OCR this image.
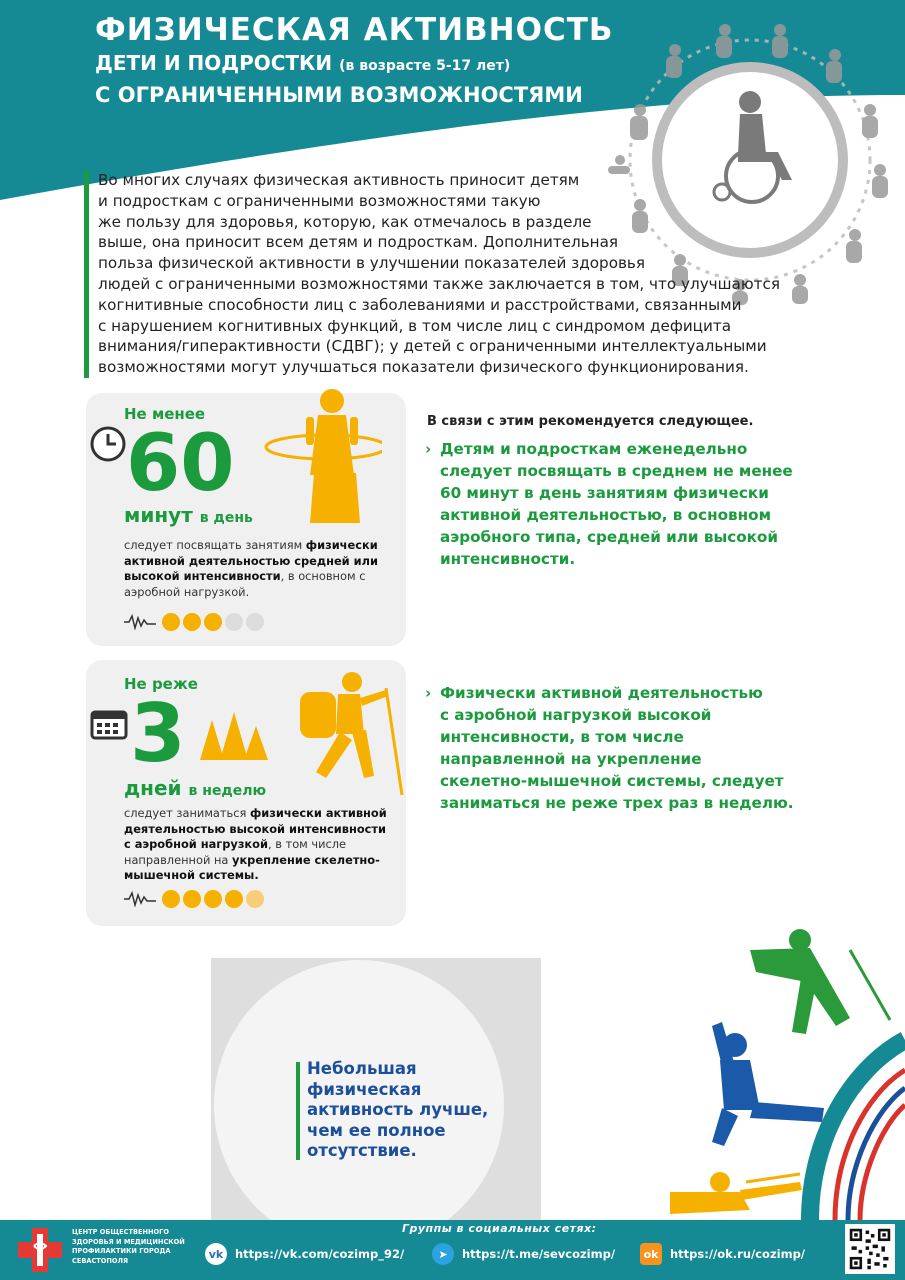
ФИЗИЧЕСКАЯ АКТИВНОСТЬ
ДЕТИ И ПОДРОСТКИ (в возрасте 5-17 лет)
С ОГРАНИЧЕННЫМИ ВОЗМОЖНОСТЯМИ
Во многих случаях физическая активность приносит детям
и подросткам с ограниченными возможностями такую
же пользу для здоровья, которую, как отмечалось в разделе
выше, она приносит всем детям и подросткам. Дополнительная
польза физической активности в улучшении показателей здоровья
людей с ограниченными возможностями также заключается в том, что улучшаются
когнитивные способности лиц с заболеваниями и расстройствами, связанными
с нарушением когнитивных функций, в том числе лиц с синдромом дефицита
внимания/гиперактивности (СДВГ); у детей с ограниченными интеллектуальными
возможностями могут улучшаться показатели физического функционирования.
Не менее
60
минут в день
следует посвящать занятиям физически активной деятельностью средней или высокой интенсивности, в основном с аэробной нагрузкой.
Не реже
3
дней в неделю
следует заниматься физически активной деятельностью высокой интенсивности с аэробной нагрузкой, в том числе направленной на укрепление скелетно-мышечной системы.
В связи с этим рекомендуется следующее.
› Детям и подросткам еженедельно
следует посвящать в среднем не менее
60 минут в день занятиям физически
активной деятельностью, в основном
аэробного типа, средней или высокой
интенсивности.
› Физически активной деятельностью
с аэробной нагрузкой высокой
интенсивности, в том числе
направленной на укрепление
скелетно-мышечной системы, следует
заниматься не реже трех раз в неделю.
Небольшая
физическая
активность лучше,
чем ее полное
отсутствие.
ЦЕНТР ОБЩЕСТВЕННОГО
ЗДОРОВЬЯ И МЕДИЦИНСКОЙ
ПРОФИЛАКТИКИ ГОРОДА
СЕВАСТОПОЛЯ
Группы в социальных сетях:
vk	https://vk.com/cozimp_92/	➤	https://t.me/sevcozimp/	ok	https://ok.ru/cozimp/
